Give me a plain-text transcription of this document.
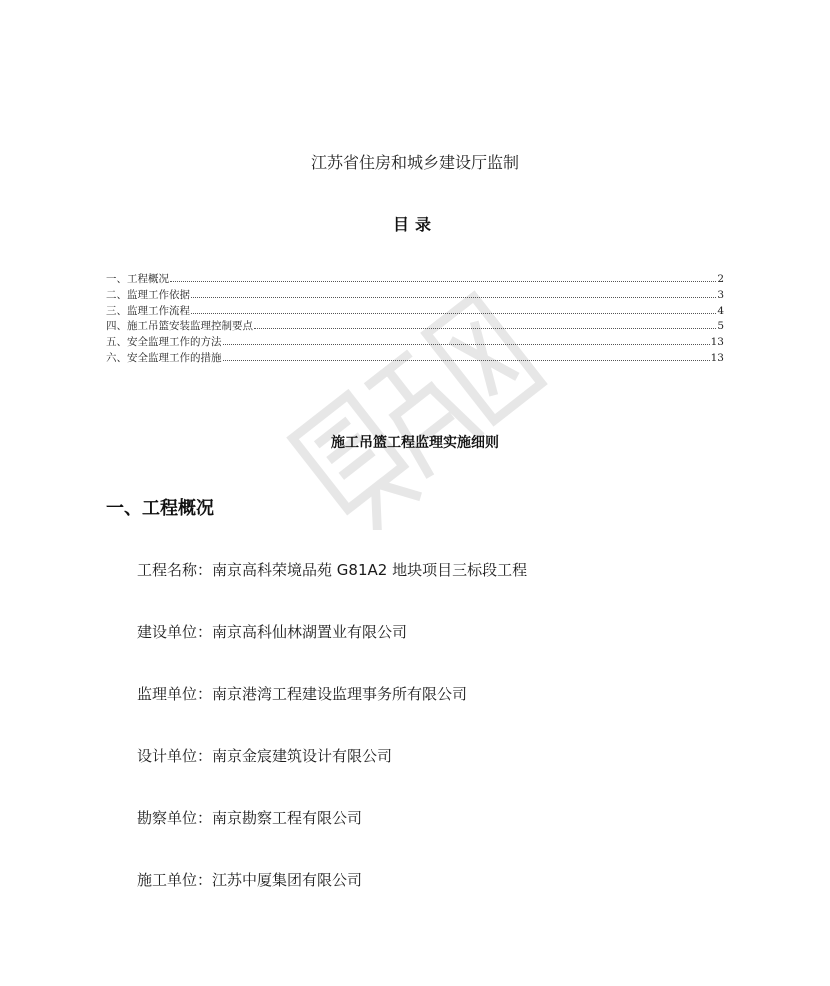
江苏省住房和城乡建设厅监制
目录
一、工程概况	2
二、监理工作依据	3
三、监理工作流程	4
四、施工吊篮安装监理控制要点	5
五、安全监理工作的方法	13
六、安全监理工作的措施	13
施工吊篮工程监理实施细则
一、工程概况
工程名称：南京高科荣境品苑 G81A2 地块项目三标段工程
建设单位：南京高科仙林湖置业有限公司
监理单位：南京港湾工程建设监理事务所有限公司
设计单位：南京金宸建筑设计有限公司
勘察单位：南京勘察工程有限公司
施工单位：江苏中厦集团有限公司
